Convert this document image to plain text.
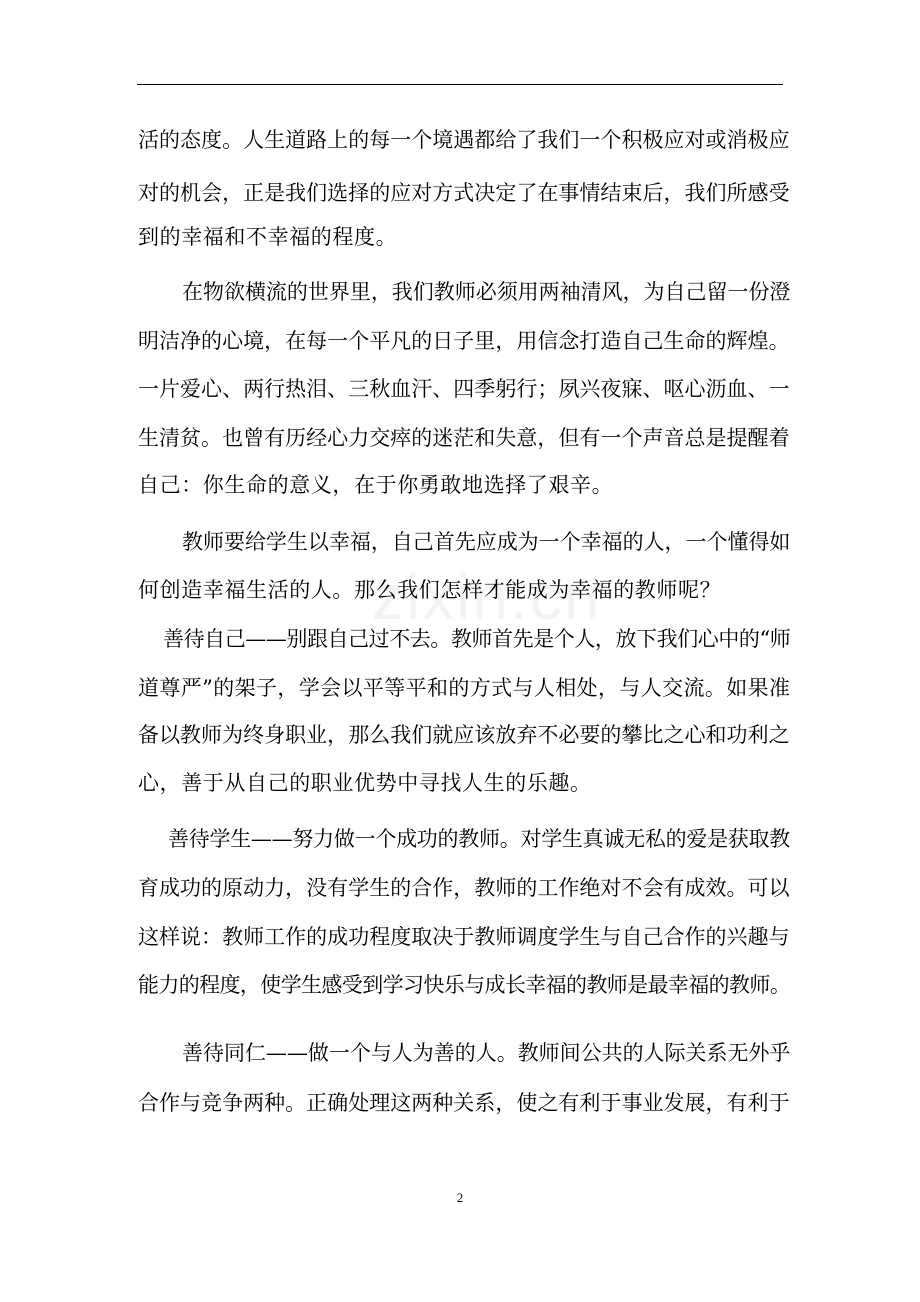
活的态度。人生道路上的每一个境遇都给了我们一个积极应对或消极应
对的机会，正是我们选择的应对方式决定了在事情结束后，我们所感受
到的幸福和不幸福的程度。
在物欲横流的世界里，我们教师必须用两袖清风，为自己留一份澄
明洁净的心境，在每一个平凡的日子里，用信念打造自己生命的辉煌。
一片爱心、两行热泪、三秋血汗、四季躬行；夙兴夜寐、呕心沥血、一
生清贫。也曾有历经心力交瘁的迷茫和失意，但有一个声音总是提醒着
自己：你生命的意义，在于你勇敢地选择了艰辛。
教师要给学生以幸福，自己首先应成为一个幸福的人，一个懂得如
何创造幸福生活的人。那么我们怎样才能成为幸福的教师呢？
善待自己——别跟自己过不去。教师首先是个人，放下我们心中的“师
道尊严”的架子，学会以平等平和的方式与人相处，与人交流。如果准
备以教师为终身职业，那么我们就应该放弃不必要的攀比之心和功利之
心，善于从自己的职业优势中寻找人生的乐趣。
善待学生——努力做一个成功的教师。对学生真诚无私的爱是获取教
育成功的原动力，没有学生的合作，教师的工作绝对不会有成效。可以
这样说：教师工作的成功程度取决于教师调度学生与自己合作的兴趣与
能力的程度，使学生感受到学习快乐与成长幸福的教师是最幸福的教师。
善待同仁——做一个与人为善的人。教师间公共的人际关系无外乎
合作与竞争两种。正确处理这两种关系，使之有利于事业发展，有利于
2
